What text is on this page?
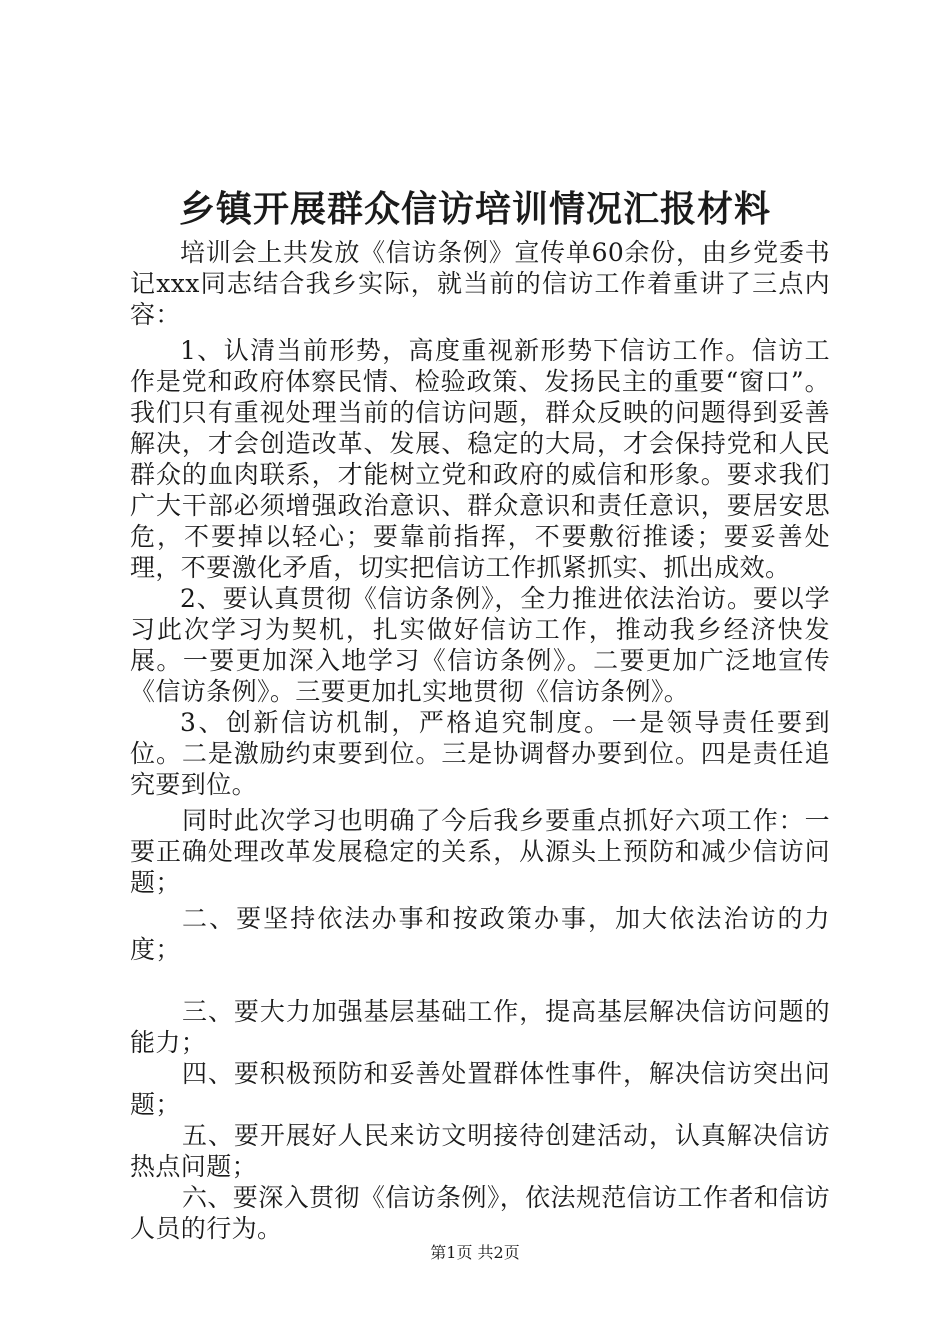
乡镇开展群众信访培训情况汇报材料

培训会上共发放《信访条例》宣传单60余份，由乡党委书记xxx同志结合我乡实际，就当前的信访工作着重讲了三点内容：

1、认清当前形势，高度重视新形势下信访工作。信访工作是党和政府体察民情、检验政策、发扬民主的重要“窗口”。我们只有重视处理当前的信访问题，群众反映的问题得到妥善解决，才会创造改革、发展、稳定的大局，才会保持党和人民群众的血肉联系，才能树立党和政府的威信和形象。要求我们广大干部必须增强政治意识、群众意识和责任意识，要居安思危，不要掉以轻心；要靠前指挥，不要敷衍推诿；要妥善处理，不要激化矛盾，切实把信访工作抓紧抓实、抓出成效。

2、要认真贯彻《信访条例》，全力推进依法治访。要以学习此次学习为契机，扎实做好信访工作，推动我乡经济快发展。一要更加深入地学习《信访条例》。二要更加广泛地宣传《信访条例》。三要更加扎实地贯彻《信访条例》。

3、创新信访机制，严格追究制度。一是领导责任要到位。二是激励约束要到位。三是协调督办要到位。四是责任追究要到位。

同时此次学习也明确了今后我乡要重点抓好六项工作：一要正确处理改革发展稳定的关系，从源头上预防和减少信访问题；

二、要坚持依法办事和按政策办事，加大依法治访的力度；

三、要大力加强基层基础工作，提高基层解决信访问题的能力；

四、要积极预防和妥善处置群体性事件，解决信访突出问题；

五、要开展好人民来访文明接待创建活动，认真解决信访热点问题；

六、要深入贯彻《信访条例》，依法规范信访工作者和信访人员的行为。

第1页 共2页
